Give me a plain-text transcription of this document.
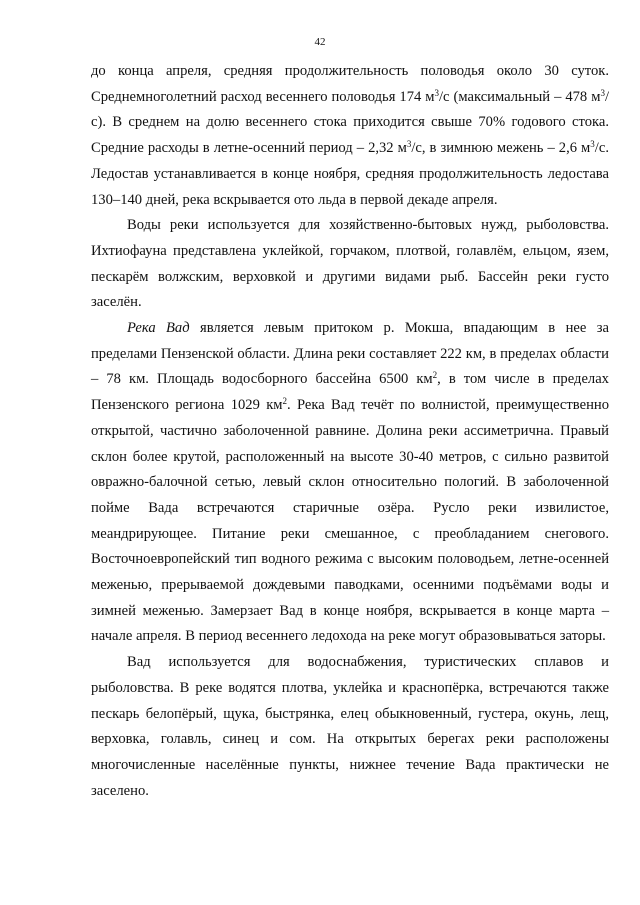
42

до конца апреля, средняя продолжительность половодья около 30 суток. Среднемноголетний расход весеннего половодья 174 $м^3/с$ (максимальный – 478 $м^3/с$). В среднем на долю весеннего стока приходится свыше 70% годового стока. Средние расходы в летне-осенний период – 2,32 $м^3/с$, в зимнюю межень – 2,6 $м^3/с$. Ледостав устанавливается в конце ноября, средняя продолжительность ледостава 130–140 дней, река вскрывается ото льда в первой декаде апреля.

Воды реки используется для хозяйственно-бытовых нужд, рыболовства. Ихтиофауна представлена уклейкой, горчаком, плотвой, голавлём, ельцом, язем, пескарём волжским, верховкой и другими видами рыб. Бассейн реки густо заселён.

Река Вад является левым притоком р. Мокша, впадающим в нее за пределами Пензенской области. Длина реки составляет 222 км, в пределах области – 78 км. Площадь водосборного бассейна 6500 $км^2$, в том числе в пределах Пензенского региона 1029 $км^2$. Река Вад течёт по волнистой, преимущественно открытой, частично заболоченной равнине. Долина реки ассиметрична. Правый склон более крутой, расположенный на высоте 30-40 метров, с сильно развитой овражно-балочной сетью, левый склон относительно пологий. В заболоченной пойме Вада встречаются старичные озёра. Русло реки извилистое, меандрирующее. Питание реки смешанное, с преобладанием снегового. Восточноевропейский тип водного режима с высоким половодьем, летне-осенней меженью, прерываемой дождевыми паводками, осенними подъёмами воды и зимней меженью. Замерзает Вад в конце ноября, вскрывается в конце марта – начале апреля. В период весеннего ледохода на реке могут образовываться заторы.

Вад используется для водоснабжения, туристических сплавов и рыболовства. В реке водятся плотва, уклейка и краснопёрка, встречаются также пескарь белопёрый, щука, быстрянка, елец обыкновенный, густера, окунь, лещ, верховка, голавль, синец и сом. На открытых берегах реки расположены многочисленные населённые пункты, нижнее течение Вада практически не заселено.
